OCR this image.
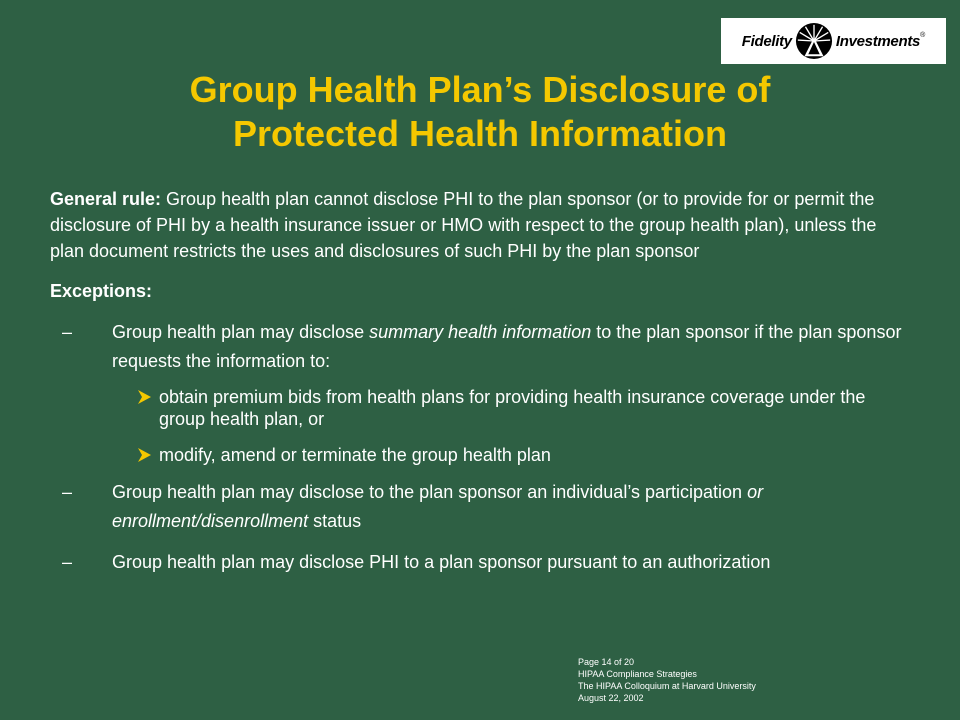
Fidelity	Investments ®
Group Health Plan’s Disclosure of
Protected Health Information

General rule: Group health plan cannot disclose PHI to the plan sponsor (or to provide for or permit the disclosure of PHI by a health insurance issuer or HMO with respect to the group health plan), unless the plan document restricts the uses and disclosures of such PHI by the plan sponsor

Exceptions:
– Group health plan may disclose summary health information to the plan sponsor if the plan sponsor requests the information to:
obtain premium bids from health plans for providing health insurance coverage under the group health plan, or
modify, amend or terminate the group health plan
– Group health plan may disclose to the plan sponsor an individual’s participation or enrollment/disenrollment status
– Group health plan may disclose PHI to a plan sponsor pursuant to an authorization
Page 14 of 20
HIPAA Compliance Strategies
The HIPAA Colloquium at Harvard University
August 22, 2002
